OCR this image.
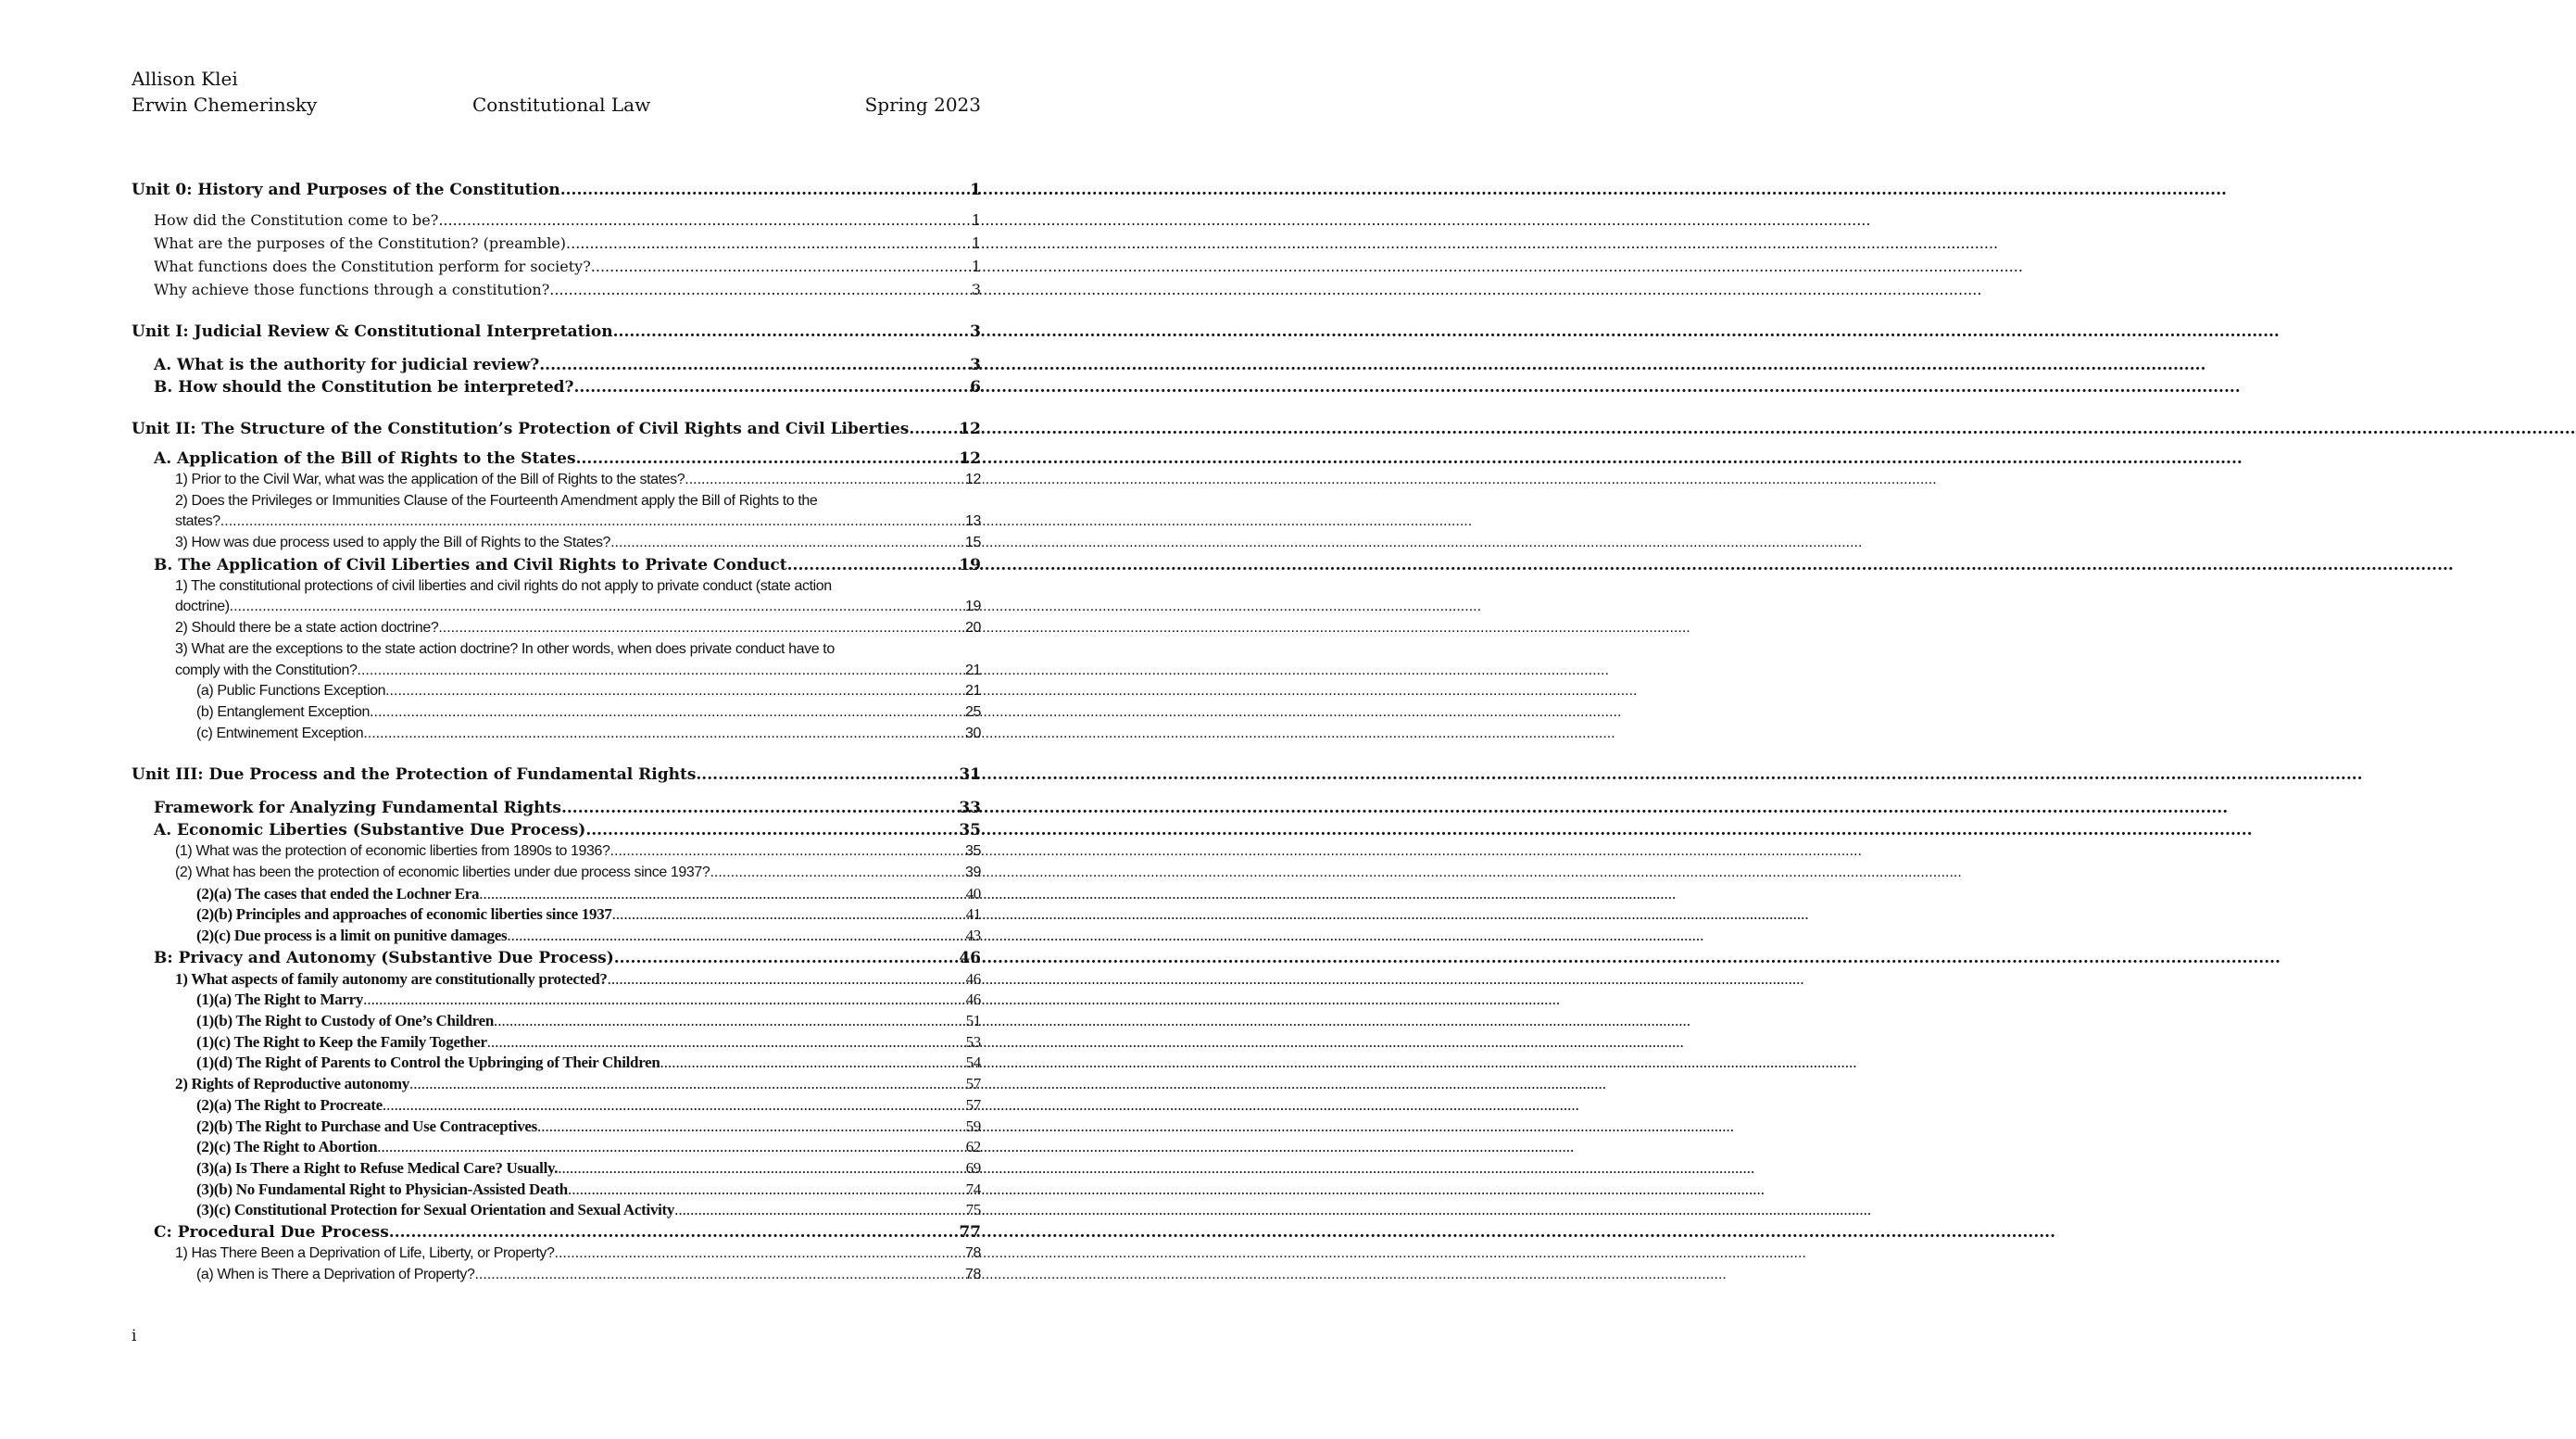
Allison Klei
Erwin Chemerinsky	Constitutional Law	Spring 2023
Unit 0: History and Purposes of the Constitution .....	1
How did the Constitution come to be? .....	1
What are the purposes of the Constitution? (preamble) .....	1
What functions does the Constitution perform for society? .....	1
Why achieve those functions through a constitution? .....	3
Unit I: Judicial Review & Constitutional Interpretation .....	3
A. What is the authority for judicial review? .....	3
B. How should the Constitution be interpreted? .....	6
Unit II: The Structure of the Constitution’s Protection of Civil Rights and Civil Liberties .....	12
A. Application of the Bill of Rights to the States .....	12
1) Prior to the Civil War, what was the application of the Bill of Rights to the states? .....	12
2) Does the Privileges or Immunities Clause of the Fourteenth Amendment apply the Bill of Rights to the
states? .....	13
3) How was due process used to apply the Bill of Rights to the States? .....	15
B. The Application of Civil Liberties and Civil Rights to Private Conduct .....	19
1) The constitutional protections of civil liberties and civil rights do not apply to private conduct (state action
doctrine) .....	19
2) Should there be a state action doctrine? .....	20
3) What are the exceptions to the state action doctrine? In other words, when does private conduct have to
comply with the Constitution? .....	21
(a) Public Functions Exception .....	21
(b) Entanglement Exception .....	25
(c) Entwinement Exception .....	30
Unit III: Due Process and the Protection of Fundamental Rights .....	31
Framework for Analyzing Fundamental Rights .....	33
A. Economic Liberties (Substantive Due Process) .....	35
(1) What was the protection of economic liberties from 1890s to 1936? .....	35
(2) What has been the protection of economic liberties under due process since 1937? .....	39
(2)(a) The cases that ended the Lochner Era .....	40
(2)(b) Principles and approaches of economic liberties since 1937 .....	41
(2)(c) Due process is a limit on punitive damages .....	43
B: Privacy and Autonomy (Substantive Due Process) .....	46
1) What aspects of family autonomy are constitutionally protected? .....	46
(1)(a) The Right to Marry .....	46
(1)(b) The Right to Custody of One’s Children .....	51
(1)(c) The Right to Keep the Family Together .....	53
(1)(d) The Right of Parents to Control the Upbringing of Their Children .....	54
2) Rights of Reproductive autonomy .....	57
(2)(a) The Right to Procreate .....	57
(2)(b) The Right to Purchase and Use Contraceptives .....	59
(2)(c) The Right to Abortion .....	62
(3)(a) Is There a Right to Refuse Medical Care? Usually. .....	69
(3)(b) No Fundamental Right to Physician-Assisted Death .....	74
(3)(c) Constitutional Protection for Sexual Orientation and Sexual Activity .....	75
C: Procedural Due Process .....	77
1) Has There Been a Deprivation of Life, Liberty, or Property? .....	78
(a) When is There a Deprivation of Property? .....	78
i
